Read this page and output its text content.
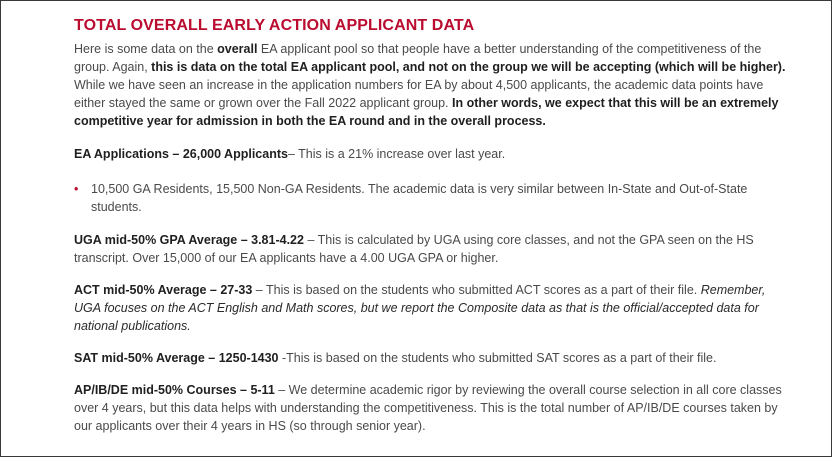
TOTAL OVERALL EARLY ACTION APPLICANT DATA

Here is some data on the overall EA applicant pool so that people have a better understanding of the competitiveness of the group. Again, this is data on the total EA applicant pool, and not on the group we will be accepting (which will be higher). While we have seen an increase in the application numbers for EA by about 4,500 applicants, the academic data points have either stayed the same or grown over the Fall 2022 applicant group. In other words, we expect that this will be an extremely competitive year for admission in both the EA round and in the overall process.

EA Applications – 26,000 Applicants– This is a 21% increase over last year.

• 10,500 GA Residents, 15,500 Non-GA Residents. The academic data is very similar between In-State and Out-of-State students.

UGA mid-50% GPA Average – 3.81-4.22 – This is calculated by UGA using core classes, and not the GPA seen on the HS transcript. Over 15,000 of our EA applicants have a 4.00 UGA GPA or higher.

ACT mid-50% Average – 27-33 – This is based on the students who submitted ACT scores as a part of their file. Remember, UGA focuses on the ACT English and Math scores, but we report the Composite data as that is the official/accepted data for national publications.

SAT mid-50% Average – 1250-1430 -This is based on the students who submitted SAT scores as a part of their file.

AP/IB/DE mid-50% Courses – 5-11 – We determine academic rigor by reviewing the overall course selection in all core classes over 4 years, but this data helps with understanding the competitiveness. This is the total number of AP/IB/DE courses taken by our applicants over their 4 years in HS (so through senior year).
